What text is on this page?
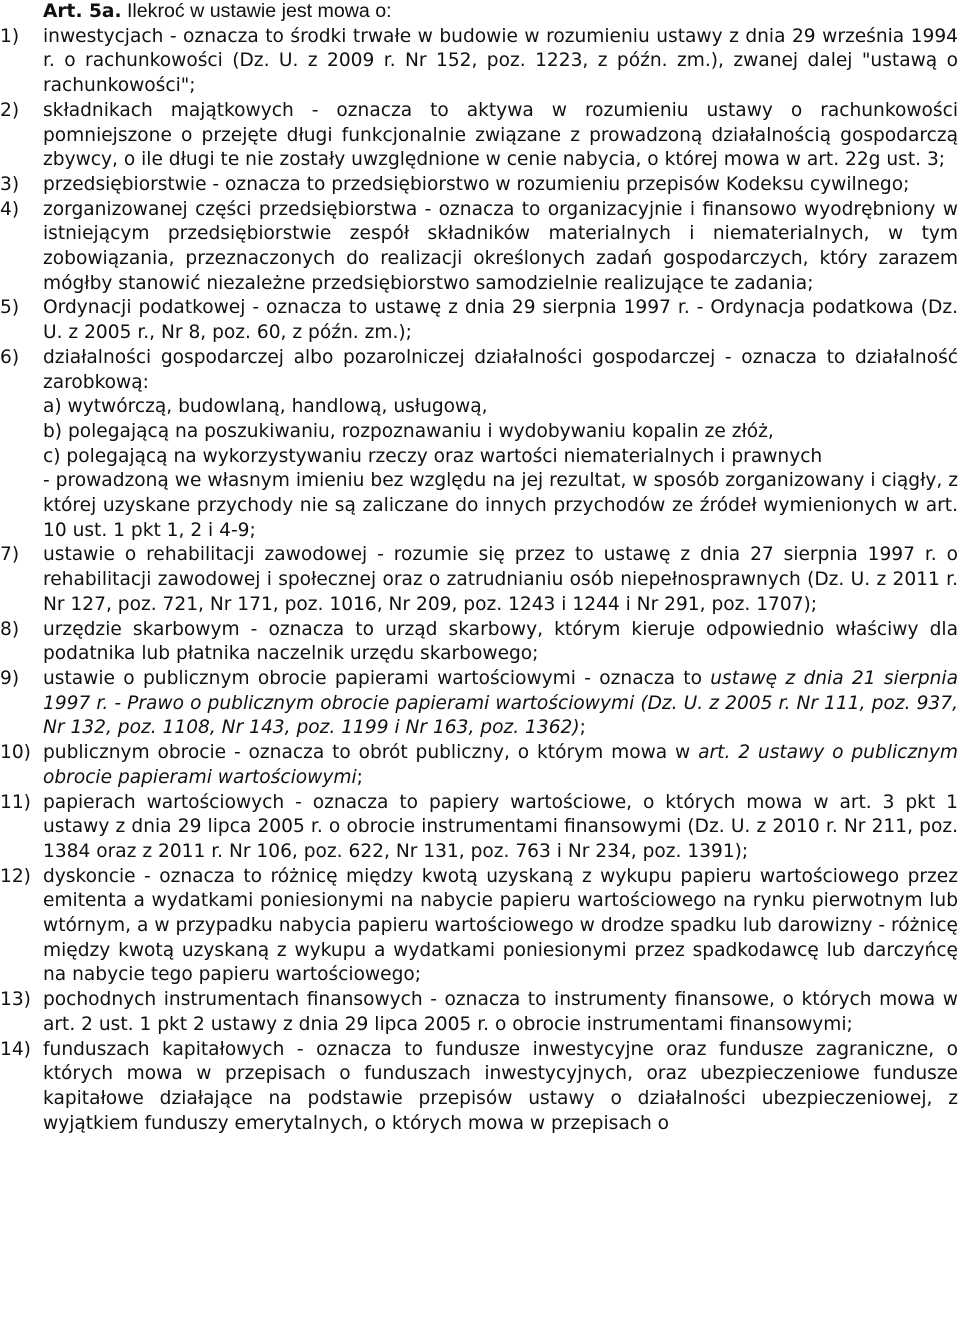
Art. 5a. Ilekroć w ustawie jest mowa o:
1)	inwestycjach - oznacza to środki trwałe w budowie w rozumieniu ustawy z dnia 29 września 1994 r. o rachunkowości (Dz. U. z 2009 r. Nr 152, poz. 1223, z późn. zm.), zwanej dalej "ustawą o rachunkowości";
2)	składnikach majątkowych - oznacza to aktywa w rozumieniu ustawy o rachunkowości pomniejszone o przejęte długi funkcjonalnie związane z prowadzoną działalnością gospodarczą zbywcy, o ile długi te nie zostały uwzględnione w cenie nabycia, o której mowa w art. 22g ust. 3;
3)	przedsiębiorstwie - oznacza to przedsiębiorstwo w rozumieniu przepisów Kodeksu cywilnego;
4)	zorganizowanej części przedsiębiorstwa - oznacza to organizacyjnie i finansowo wyodrębniony w istniejącym przedsiębiorstwie zespół składników materialnych i niematerialnych, w tym zobowiązania, przeznaczonych do realizacji określonych zadań gospodarczych, który zarazem mógłby stanowić niezależne przedsiębiorstwo samodzielnie realizujące te zadania;
5)	Ordynacji podatkowej - oznacza to ustawę z dnia 29 sierpnia 1997 r. - Ordynacja podatkowa (Dz. U. z 2005 r., Nr 8, poz. 60, z późn. zm.);
6)	działalności gospodarczej albo pozarolniczej działalności gospodarczej - oznacza to działalność zarobkową:
a) wytwórczą, budowlaną, handlową, usługową,
b) polegającą na poszukiwaniu, rozpoznawaniu i wydobywaniu kopalin ze złóż,
c) polegającą na wykorzystywaniu rzeczy oraz wartości niematerialnych i prawnych
- prowadzoną we własnym imieniu bez względu na jej rezultat, w sposób zorganizowany i ciągły, z której uzyskane przychody nie są zaliczane do innych przychodów ze źródeł wymienionych w art. 10 ust. 1 pkt 1, 2 i 4-9;
7)	ustawie o rehabilitacji zawodowej - rozumie się przez to ustawę z dnia 27 sierpnia 1997 r. o rehabilitacji zawodowej i społecznej oraz o zatrudnianiu osób niepełnosprawnych (Dz. U. z 2011 r. Nr 127, poz. 721, Nr 171, poz. 1016, Nr 209, poz. 1243 i 1244 i Nr 291, poz. 1707);
8)	urzędzie skarbowym - oznacza to urząd skarbowy, którym kieruje odpowiednio właściwy dla podatnika lub płatnika naczelnik urzędu skarbowego;
9)	ustawie o publicznym obrocie papierami wartościowymi - oznacza to ustawę z dnia 21 sierpnia 1997 r. - Prawo o publicznym obrocie papierami wartościowymi (Dz. U. z 2005 r. Nr 111, poz. 937, Nr 132, poz. 1108, Nr 143, poz. 1199 i Nr 163, poz. 1362);
10) publicznym obrocie - oznacza to obrót publiczny, o którym mowa w art. 2 ustawy o publicznym obrocie papierami wartościowymi;
11) papierach wartościowych - oznacza to papiery wartościowe, o których mowa w art. 3 pkt 1 ustawy z dnia 29 lipca 2005 r. o obrocie instrumentami finansowymi (Dz. U. z 2010 r. Nr 211, poz. 1384 oraz z 2011 r. Nr 106, poz. 622, Nr 131, poz. 763 i Nr 234, poz. 1391);
12) dyskoncie - oznacza to różnicę między kwotą uzyskaną z wykupu papieru wartościowego przez emitenta a wydatkami poniesionymi na nabycie papieru wartościowego na rynku pierwotnym lub wtórnym, a w przypadku nabycia papieru wartościowego w drodze spadku lub darowizny - różnicę między kwotą uzyskaną z wykupu a wydatkami poniesionymi przez spadkodawcę lub darczyńcę na nabycie tego papieru wartościowego;
13) pochodnych instrumentach finansowych - oznacza to instrumenty finansowe, o których mowa w art. 2 ust. 1 pkt 2 ustawy z dnia 29 lipca 2005 r. o obrocie instrumentami finansowymi;
14) funduszach kapitałowych - oznacza to fundusze inwestycyjne oraz fundusze zagraniczne, o których mowa w przepisach o funduszach inwestycyjnych, oraz ubezpieczeniowe fundusze kapitałowe działające na podstawie przepisów ustawy o działalności ubezpieczeniowej, z wyjątkiem funduszy emerytalnych, o których mowa w przepisach o
